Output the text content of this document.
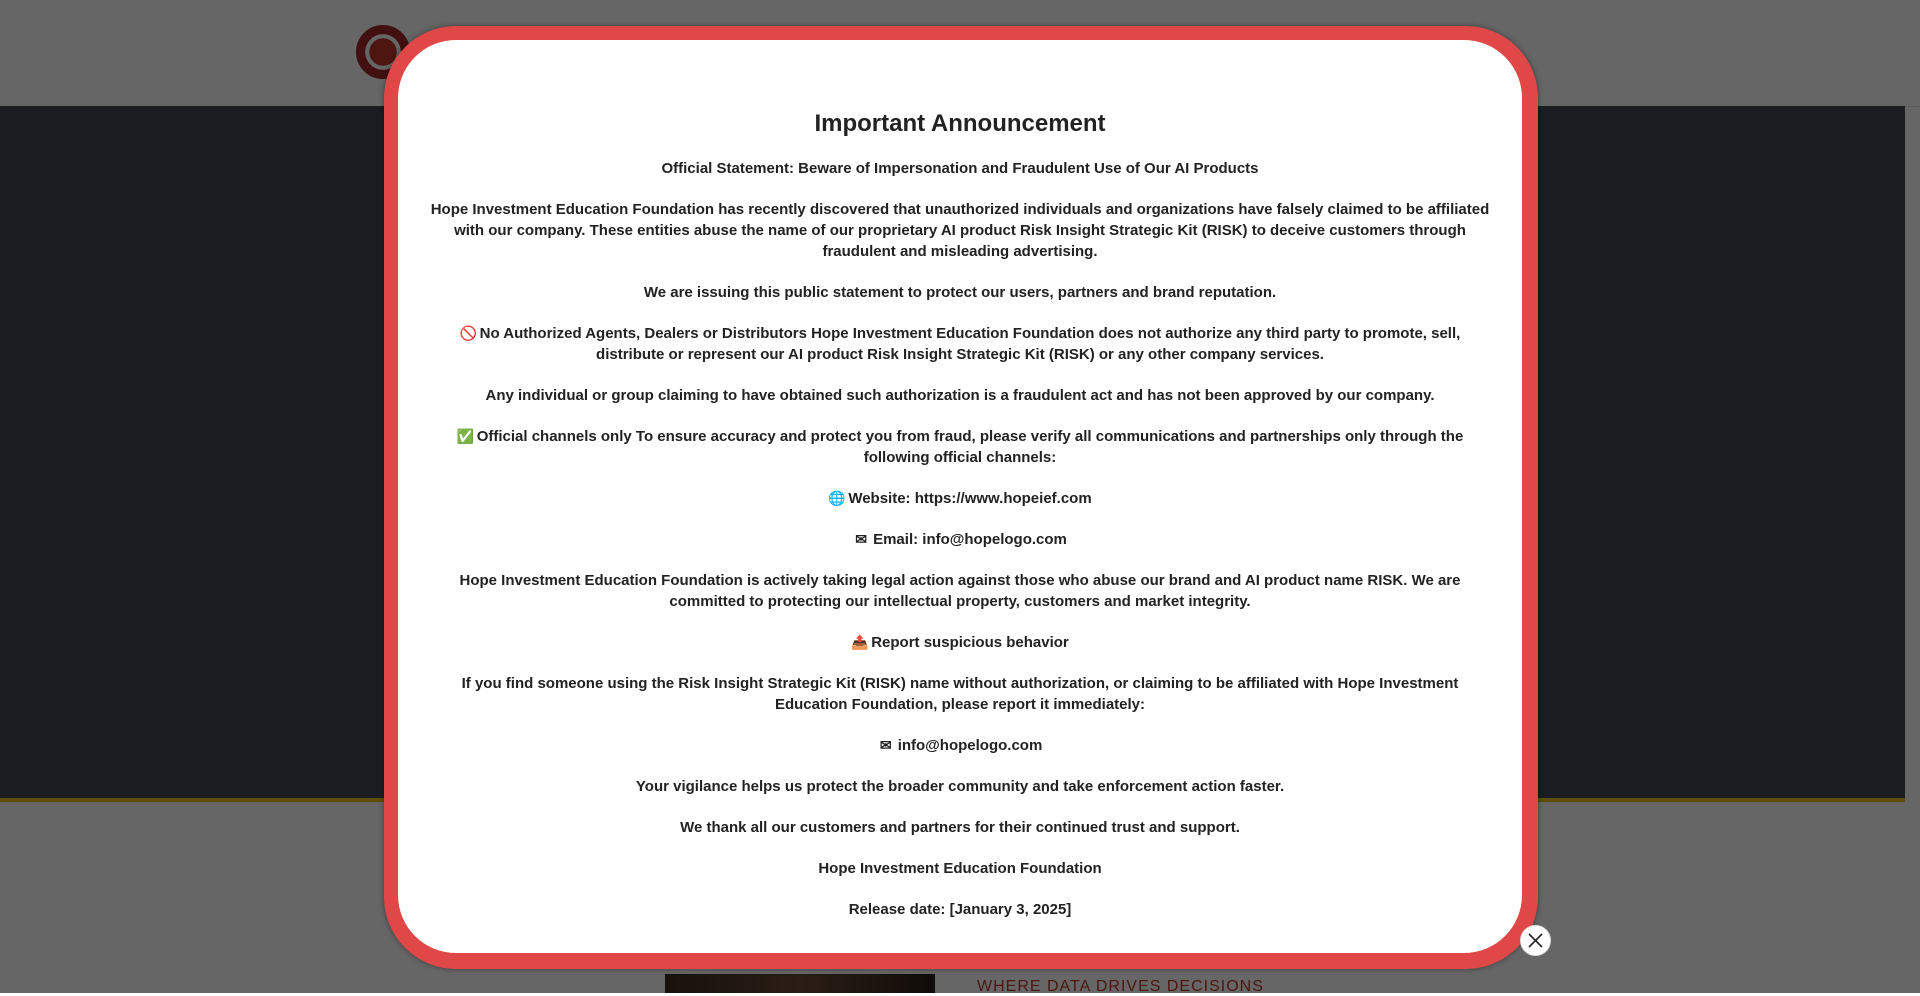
Important Announcement

Official Statement: Beware of Impersonation and Fraudulent Use of Our AI Products

Hope Investment Education Foundation has recently discovered that unauthorized individuals and organizations have falsely claimed to be affiliated with our company. These entities abuse the name of our proprietary AI product Risk Insight Strategic Kit (RISK) to deceive customers through fraudulent and misleading advertising.

We are issuing this public statement to protect our users, partners and brand reputation.

🚫 No Authorized Agents, Dealers or Distributors Hope Investment Education Foundation does not authorize any third party to promote, sell, distribute or represent our AI product Risk Insight Strategic Kit (RISK) or any other company services.

Any individual or group claiming to have obtained such authorization is a fraudulent act and has not been approved by our company.

✅ Official channels only To ensure accuracy and protect you from fraud, please verify all communications and partnerships only through the following official channels:

🌐 Website: https://www.hopeief.com

✉ Email: info@hopelogo.com

Hope Investment Education Foundation is actively taking legal action against those who abuse our brand and AI product name RISK. We are committed to protecting our intellectual property, customers and market integrity.

📤 Report suspicious behavior

If you find someone using the Risk Insight Strategic Kit (RISK) name without authorization, or claiming to be affiliated with Hope Investment Education Foundation, please report it immediately:

✉ info@hopelogo.com

Your vigilance helps us protect the broader community and take enforcement action faster.

We thank all our customers and partners for their continued trust and support.

Hope Investment Education Foundation

Release date: [January 3, 2025]
